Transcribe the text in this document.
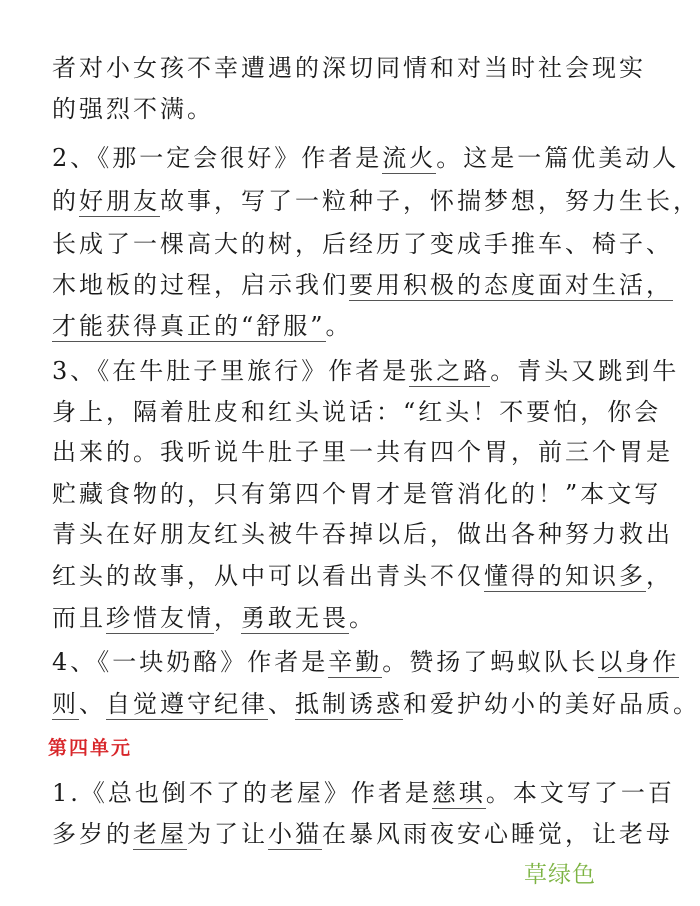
者对小女孩不幸遭遇的深切同情和对当时社会现实
的强烈不满。
2、《那一定会很好》作者是流火。这是一篇优美动人
的好朋友故事，写了一粒种子，怀揣梦想，努力生长，
长成了一棵高大的树，后经历了变成手推车、椅子、
木地板的过程，启示我们要用积极的态度面对生活，
才能获得真正的“舒服”。
3、《在牛肚子里旅行》作者是张之路。青头又跳到牛
身上，隔着肚皮和红头说话：“红头！不要怕，你会
出来的。我听说牛肚子里一共有四个胃，前三个胃是
贮藏食物的，只有第四个胃才是管消化的！”本文写
青头在好朋友红头被牛吞掉以后，做出各种努力救出
红头的故事，从中可以看出青头不仅懂得的知识多，
而且珍惜友情，勇敢无畏。
4、《一块奶酪》作者是辛勤。赞扬了蚂蚁队长以身作
则、自觉遵守纪律、抵制诱惑和爱护幼小的美好品质。
第四单元
1.《总也倒不了的老屋》作者是慈琪。本文写了一百
多岁的老屋为了让小猫在暴风雨夜安心睡觉，让老母
草绿色
